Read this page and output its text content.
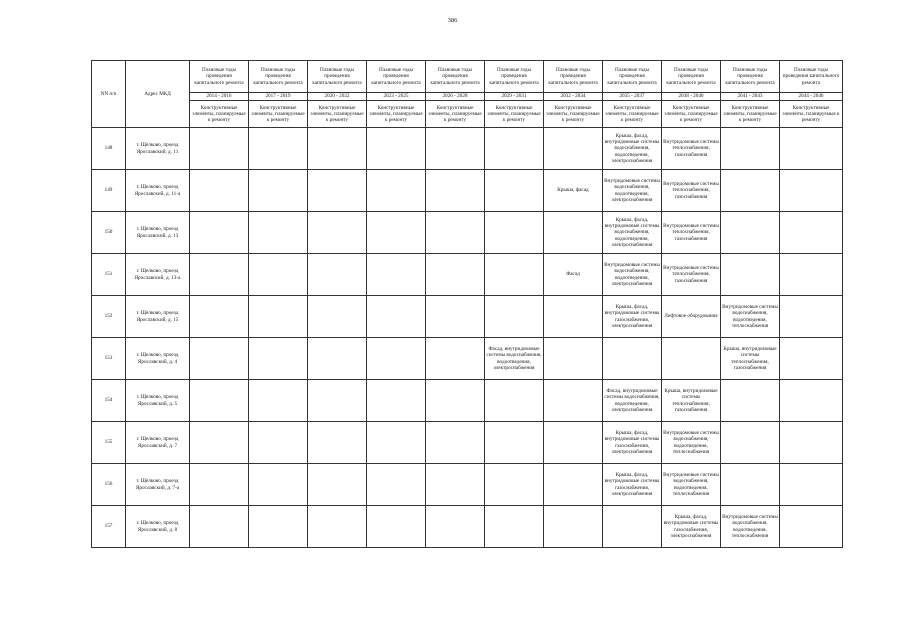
386
NN п/п	Адрес МКД	Плановые годы проведения капитального ремонта	Плановые годы проведения капитального ремонта	Плановые годы проведения капитального ремонта	Плановые годы проведения капитального ремонта	Плановые годы проведения капитального ремонта	Плановые годы проведения капитального ремонта	Плановые годы проведения капитального ремонта	Плановые годы проведения капитального ремонта	Плановые годы проведения капитального ремонта	Плановые годы проведения капитального ремонта	Плановые годы проведения капитального ремонта
		2014 - 2016	2017 - 2019	2020 - 2022	2023 - 2025	2026 - 2028	2029 - 2031	2032 - 2034	2035 - 2037	2038 - 2040	2041 - 2043	2044 - 2046
		Конструктивные элементы, планируемые к ремонту	Конструктивные элементы, планируемые к ремонту	Конструктивные элементы, планируемые к ремонту	Конструктивные элементы, планируемые к ремонту	Конструктивные элементы, планируемые к ремонту	Конструктивные элементы, планируемые к ремонту	Конструктивные элементы, планируемые к ремонту	Конструктивные элементы, планируемые к ремонту	Конструктивные элементы, планируемые к ремонту	Конструктивные элементы, планируемые к ремонту	Конструктивные элементы, планируемые к ремонту
148	г. Щелково, проезд Ярославский, д. 11								Крыша, фасад, внутридомовые системы водоснабжения, водоотведения, электроснабжения	Внутридомовые системы теплоснабжения, газоснабжения		
149	г. Щелково, проезд Ярославский, д. 11-а							Крыша, фасад	Внутридомовые системы водоснабжения, водоотведения, электроснабжения	Внутридомовые системы теплоснабжения, газоснабжения		
150	г. Щелково, проезд Ярославский, д. 13								Крыша, фасад, внутридомовые системы водоснабжения, водоотведения, электроснабжения	Внутридомовые системы теплоснабжения, газоснабжения		
151	г. Щелково, проезд Ярославский, д. 13-а							Фасад	Внутридомовые системы водоснабжения, водоотведения, электроснабжения	Внутридомовые системы теплоснабжения, газоснабжения		
152	г. Щелково, проезд Ярославский, д. 15								Крыша, фасад, внутридомовые системы газоснабжения, электроснабжения	Лифтовое оборудование	Внутридомовые системы водоснабжения, водоотведения, теплоснабжения	
153	г. Щелково, проезд Ярославский, д. 4						Фасад, внутридомовые системы водоснабжения, водоотведения, электроснабжения				Крыша, внутридомовые системы теплоснабжения, газоснабжения	
154	г. Щелково, проезд Ярославский, д. 5								Фасад, внутридомовые системы водоснабжения, водоотведения, электроснабжения	Крыша, внутридомовые системы теплоснабжения, газоснабжения		
155	г. Щелково, проезд Ярославский, д. 7								Крыша, фасад, внутридомовые системы газоснабжения, электроснабжения	Внутридомовые системы водоснабжения, водоотведения, теплоснабжения		
156	г. Щелково, проезд Ярославский, д. 7-а								Крыша, фасад, внутридомовые системы газоснабжения, электроснабжения	Внутридомовые системы водоснабжения, водоотведения, теплоснабжения		
157	г. Щелково, проезд Ярославский, д. 8									Крыша, фасад, внутридомовые системы газоснабжения, электроснабжения	Внутридомовые системы водоснабжения, водоотведения, теплоснабжения	
